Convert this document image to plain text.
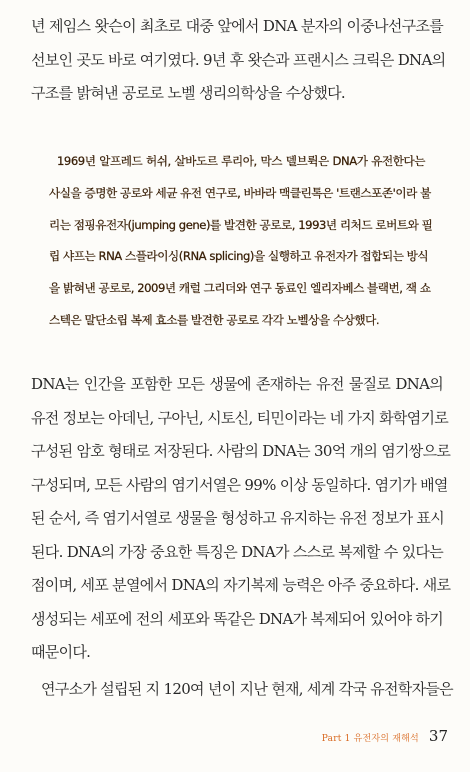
년 제임스 왓슨이 최초로 대중 앞에서 DNA 분자의 이중나선구조를
선보인 곳도 바로 여기였다. 9년 후 왓슨과 프랜시스 크릭은 DNA의
구조를 밝혀낸 공로로 노벨 생리의학상을 수상했다.
1969년 알프레드 허쉬, 살바도르 루리아, 막스 델브뤽은 DNA가 유전한다는
사실을 증명한 공로와 세균 유전 연구로, 바바라 맥클린톡은 '트랜스포존'이라 불
리는 점핑유전자(jumping gene)를 발견한 공로로, 1993년 리처드 로버트와 필
립 샤프는 RNA 스플라이싱(RNA splicing)을 실행하고 유전자가 접합되는 방식
을 밝혀낸 공로로, 2009년 캐럴 그리더와 연구 동료인 엘리자베스 블랙번, 잭 쇼
스텍은 말단소립 복제 효소를 발견한 공로로 각각 노벨상을 수상했다.
DNA는 인간을 포함한 모든 생물에 존재하는 유전 물질로 DNA의
유전 정보는 아데닌, 구아닌, 시토신, 티민이라는 네 가지 화학염기로
구성된 암호 형태로 저장된다. 사람의 DNA는 30억 개의 염기쌍으로
구성되며, 모든 사람의 염기서열은 99% 이상 동일하다. 염기가 배열
된 순서, 즉 염기서열로 생물을 형성하고 유지하는 유전 정보가 표시
된다. DNA의 가장 중요한 특징은 DNA가 스스로 복제할 수 있다는
점이며, 세포 분열에서 DNA의 자기복제 능력은 아주 중요하다. 새로
생성되는 세포에 전의 세포와 똑같은 DNA가 복제되어 있어야 하기
때문이다.
연구소가 설립된 지 120여 년이 지난 현재, 세계 각국 유전학자들은
Part 1 유전자의 재해석 37
